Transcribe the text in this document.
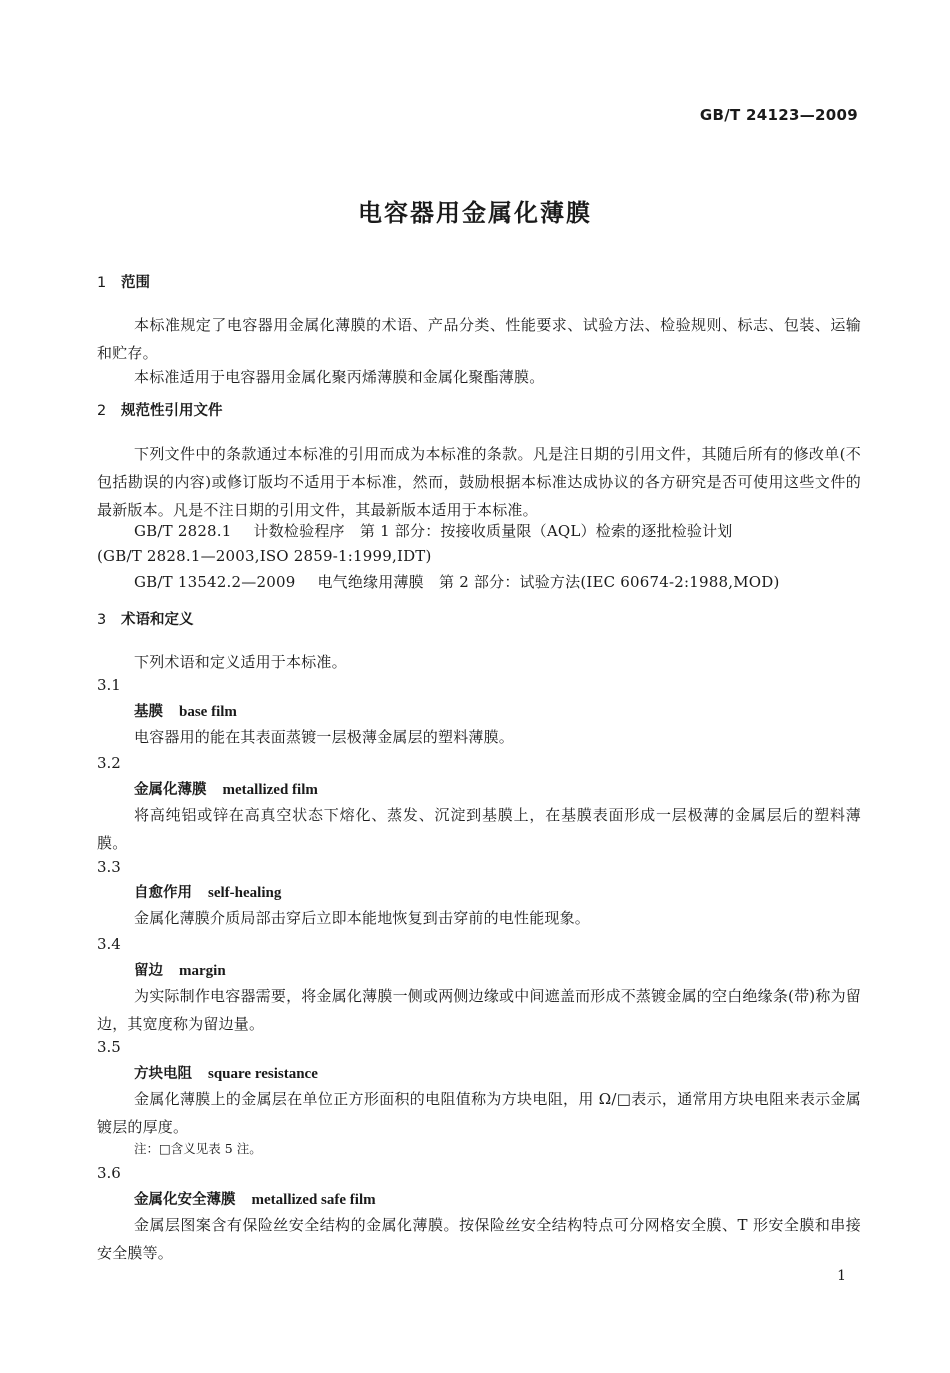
GB/T 24123—2009
电容器用金属化薄膜
1 范围
本标准规定了电容器用金属化薄膜的术语、产品分类、性能要求、试验方法、检验规则、标志、包装、运输和贮存。
本标准适用于电容器用金属化聚丙烯薄膜和金属化聚酯薄膜。
2 规范性引用文件
下列文件中的条款通过本标准的引用而成为本标准的条款。凡是注日期的引用文件，其随后所有的修改单(不包括勘误的内容)或修订版均不适用于本标准，然而，鼓励根据本标准达成协议的各方研究是否可使用这些文件的最新版本。凡是不注日期的引用文件，其最新版本适用于本标准。
GB/T 2828.1 计数检验程序　第 1 部分：按接收质量限（AQL）检索的逐批检验计划
(GB/T 2828.1—2003,ISO 2859-1:1999,IDT)
GB/T 13542.2—2009 电气绝缘用薄膜　第 2 部分：试验方法(IEC 60674-2:1988,MOD)
3 术语和定义
下列术语和定义适用于本标准。
3.1
基膜 base film
电容器用的能在其表面蒸镀一层极薄金属层的塑料薄膜。
3.2
金属化薄膜 metallized film
将高纯铝或锌在高真空状态下熔化、蒸发、沉淀到基膜上，在基膜表面形成一层极薄的金属层后的塑料薄膜。
3.3
自愈作用 self-healing
金属化薄膜介质局部击穿后立即本能地恢复到击穿前的电性能现象。
3.4
留边 margin
为实际制作电容器需要，将金属化薄膜一侧或两侧边缘或中间遮盖而形成不蒸镀金属的空白绝缘条(带)称为留边，其宽度称为留边量。
3.5
方块电阻 square resistance
金属化薄膜上的金属层在单位正方形面积的电阻值称为方块电阻，用 Ω/□表示，通常用方块电阻来表示金属镀层的厚度。
注：□含义见表 5 注。
3.6
金属化安全薄膜 metallized safe film
金属层图案含有保险丝安全结构的金属化薄膜。按保险丝安全结构特点可分网格安全膜、T 形安全膜和串接安全膜等。
1
